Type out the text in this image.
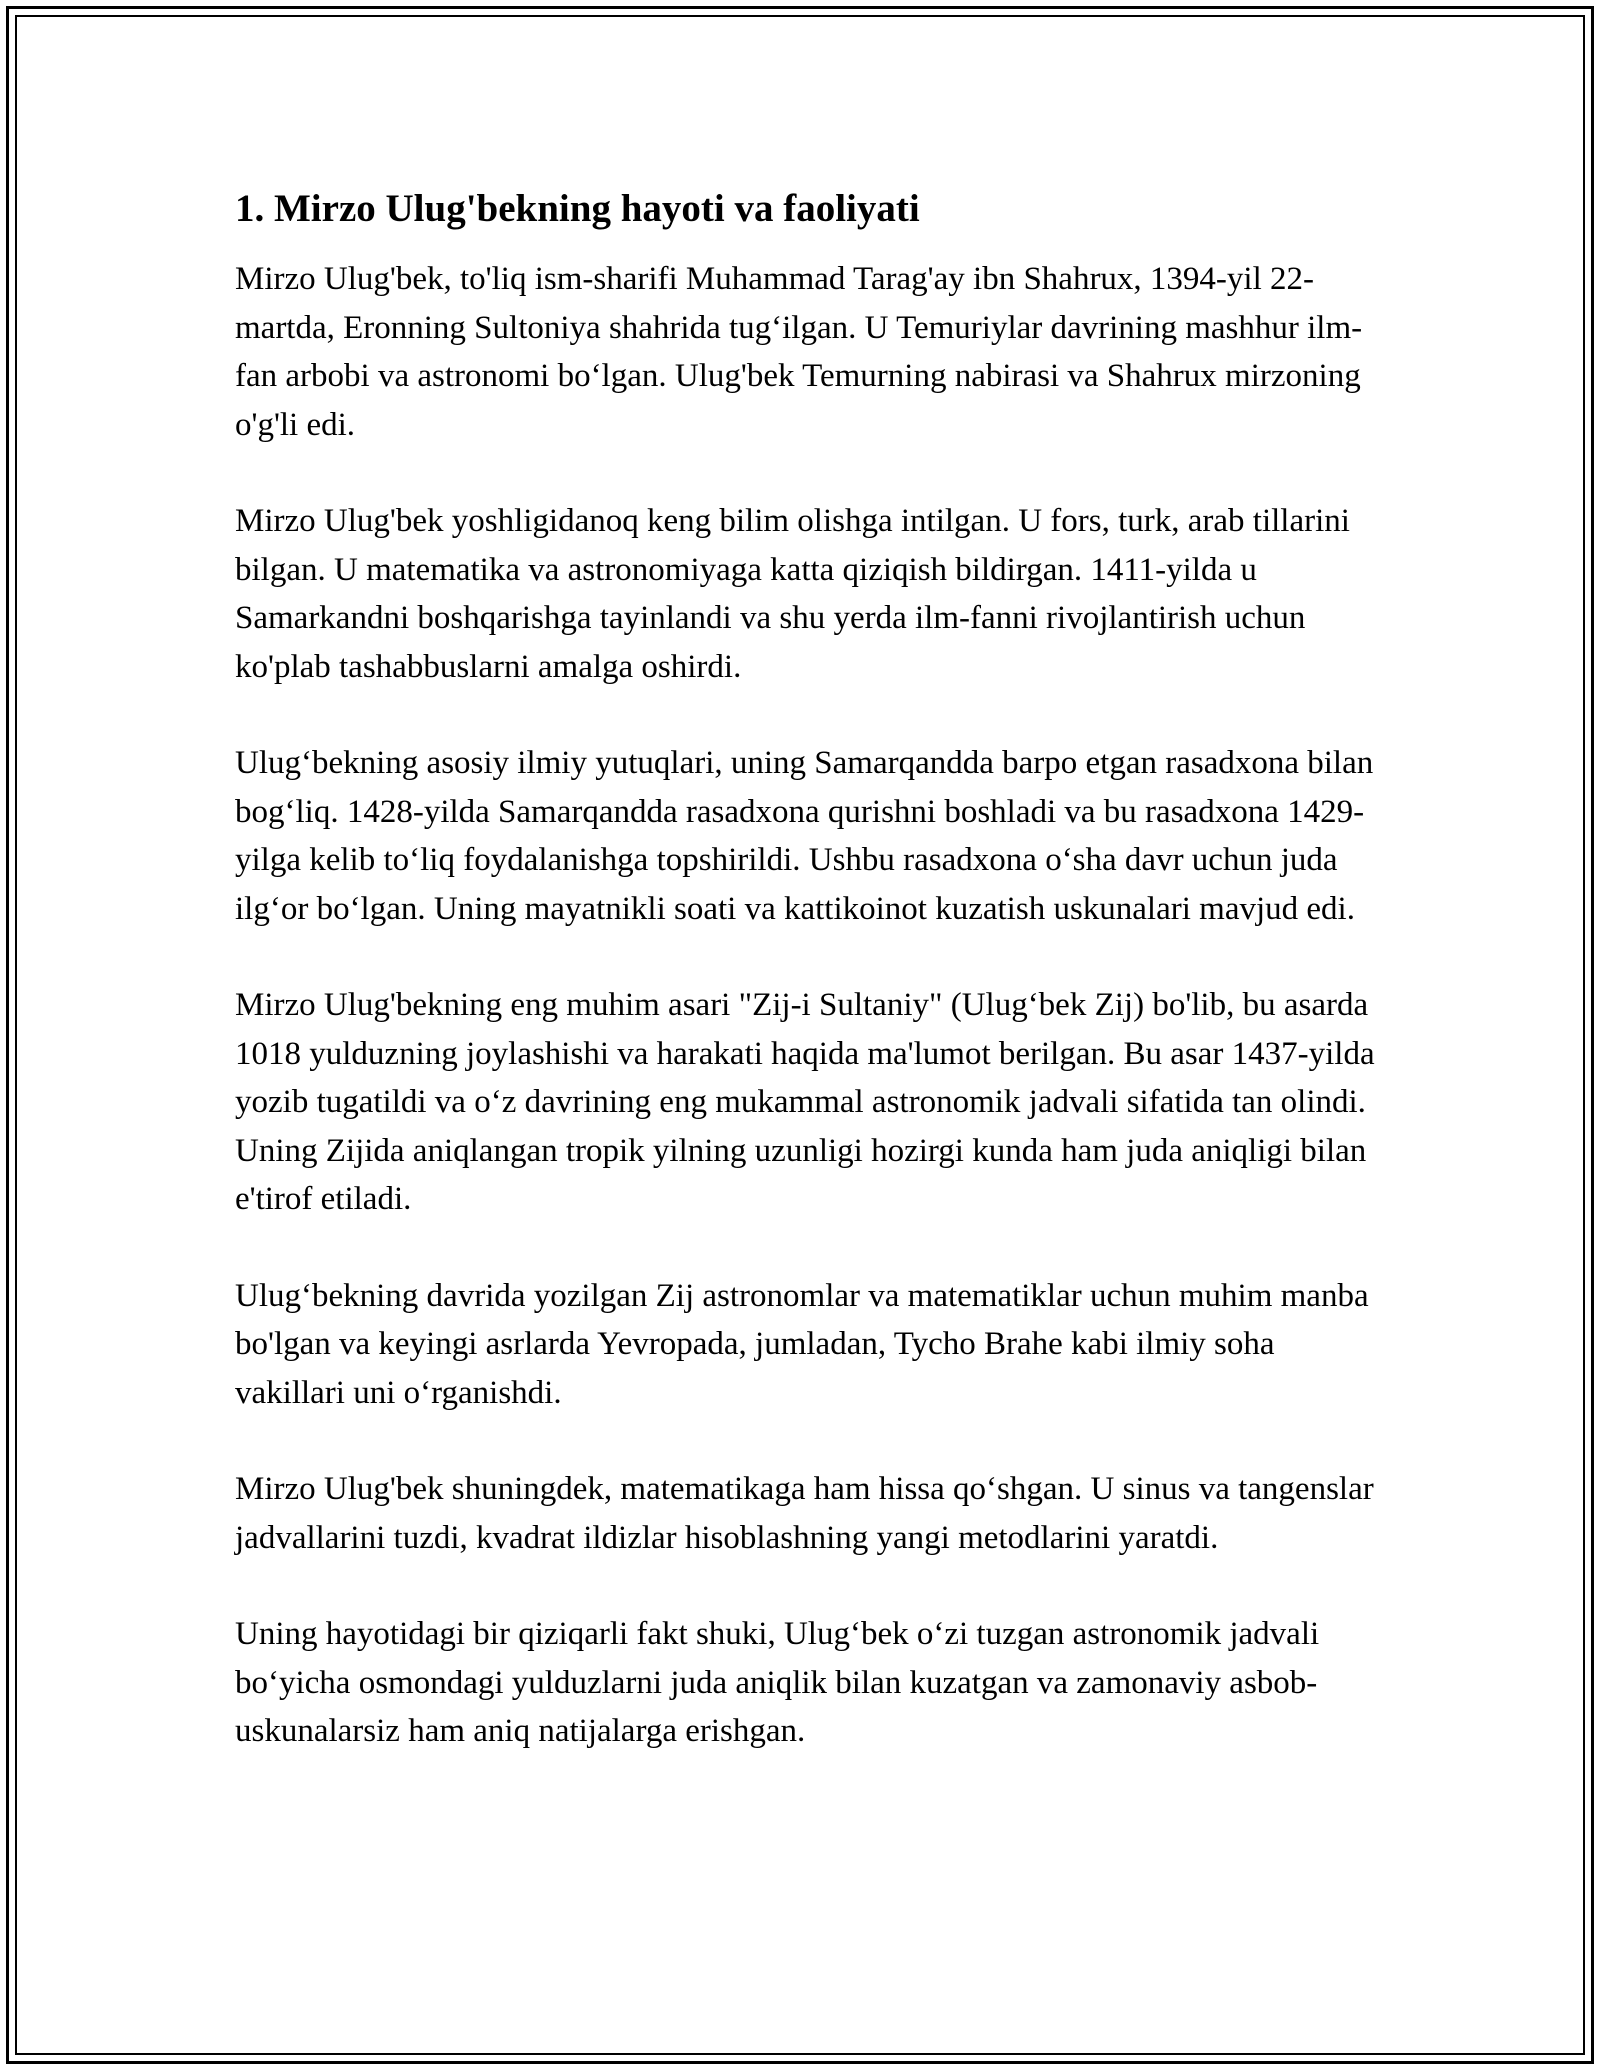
1. Mirzo Ulug'bekning hayoti va faoliyati

Mirzo Ulug'bek, to'liq ism-sharifi Muhammad Tarag'ay ibn Shahrux, 1394-yil 22-martda, Eronning Sultoniya shahrida tug‘ilgan. U Temuriylar davrining mashhur ilm-fan arbobi va astronomi bo‘lgan. Ulug'bek Temurning nabirasi va Shahrux mirzoning o'g'li edi.

Mirzo Ulug'bek yoshligidanoq keng bilim olishga intilgan. U fors, turk, arab tillarini bilgan. U matematika va astronomiyaga katta qiziqish bildirgan. 1411-yilda u Samarkandni boshqarishga tayinlandi va shu yerda ilm-fanni rivojlantirish uchun ko'plab tashabbuslarni amalga oshirdi.

Ulug‘bekning asosiy ilmiy yutuqlari, uning Samarqandda barpo etgan rasadxona bilan bog‘liq. 1428-yilda Samarqandda rasadxona qurishni boshladi va bu rasadxona 1429-yilga kelib to‘liq foydalanishga topshirildi. Ushbu rasadxona o‘sha davr uchun juda ilg‘or bo‘lgan. Uning mayatnikli soati va kattikoinot kuzatish uskunalari mavjud edi.

Mirzo Ulug'bekning eng muhim asari "Zij-i Sultaniy" (Ulug‘bek Zij) bo'lib, bu asarda 1018 yulduzning joylashishi va harakati haqida ma'lumot berilgan. Bu asar 1437-yilda yozib tugatildi va o‘z davrining eng mukammal astronomik jadvali sifatida tan olindi. Uning Zijida aniqlangan tropik yilning uzunligi hozirgi kunda ham juda aniqligi bilan e'tirof etiladi.

Ulug‘bekning davrida yozilgan Zij astronomlar va matematiklar uchun muhim manba bo'lgan va keyingi asrlarda Yevropada, jumladan, Tycho Brahe kabi ilmiy soha vakillari uni o‘rganishdi.

Mirzo Ulug'bek shuningdek, matematikaga ham hissa qo‘shgan. U sinus va tangenslar jadvallarini tuzdi, kvadrat ildizlar hisoblashning yangi metodlarini yaratdi.

Uning hayotidagi bir qiziqarli fakt shuki, Ulug‘bek o‘zi tuzgan astronomik jadvali bo‘yicha osmondagi yulduzlarni juda aniqlik bilan kuzatgan va zamonaviy asbob-uskunalarsiz ham aniq natijalarga erishgan.
